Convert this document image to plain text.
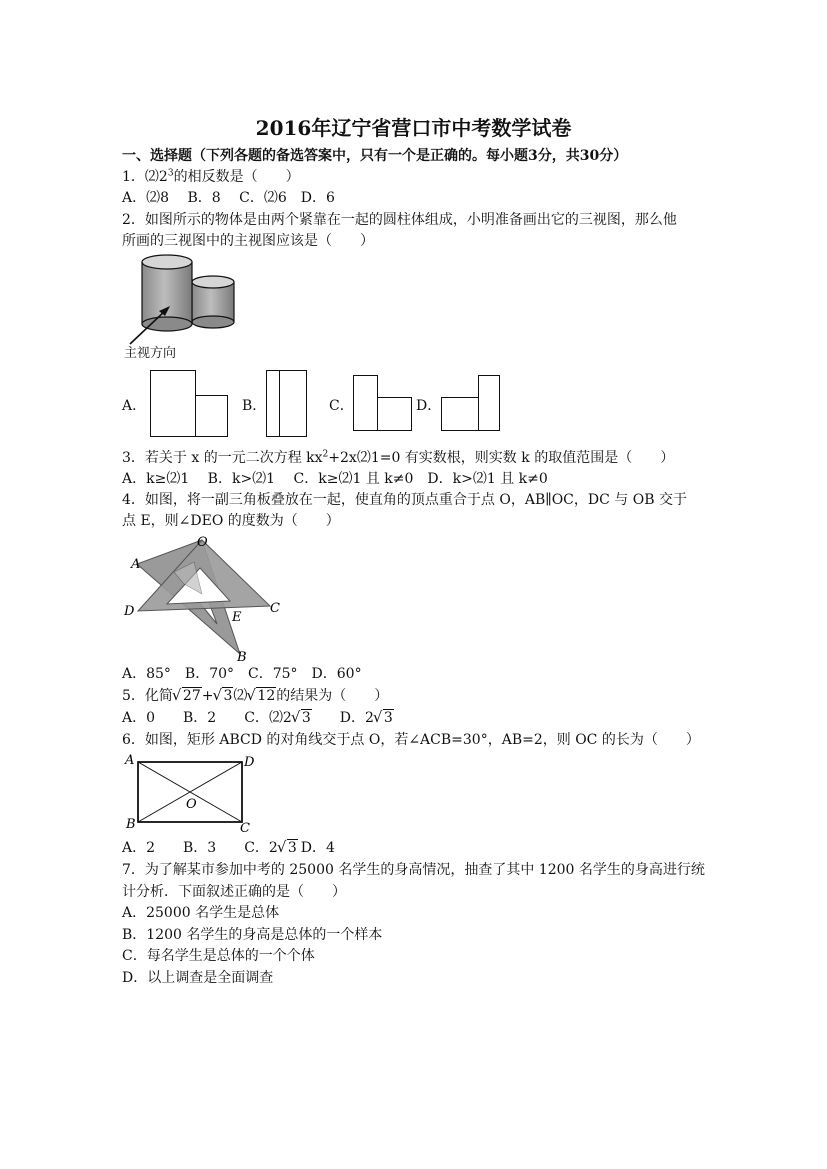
2016年辽宁省营口市中考数学试卷
一、选择题（下列各题的备选答案中，只有一个是正确的。每小题3分，共30分）
1．$⑵2^3$的相反数是（　　）
A．⑵8　 B．8　 C．⑵6　D．6
2．如图所示的物体是由两个紧靠在一起的圆柱体组成，小明准备画出它的三视图，那么他
所画的三视图中的主视图应该是（　　）
主视方向
A．	B．	C．	D．
3．若关于 x 的一元二次方程 $kx^2+2x⑵1=0$ 有实数根，则实数 k 的取值范围是（　　）
A．k≥⑵1　 B．k>⑵1　 C．k≥⑵1 且 k≠0　D．k>⑵1 且 k≠0
4．如图，将一副三角板叠放在一起，使直角的顶点重合于点 O，AB∥OC，DC 与 OB 交于
点 E，则∠DEO 的度数为（　　）
O
A
D	C
E
B
A．85°　B．70°　C．75°　D．60°
5．化简 √ 27+ √ 3⑵ √ 12的结果为（　　）
A．0　　B．2　　C．⑵2 √ 3　　D．2 √ 3
6．如图，矩形 ABCD 的对角线交于点 O，若∠ACB=30°，AB=2，则 OC 的长为（　　）
A	D
O
B	C
A．2　　B．3　　C．2 √ 3 D．4
7．为了解某市参加中考的 25000 名学生的身高情况，抽查了其中 1200 名学生的身高进行统
计分析．下面叙述正确的是（　　）
A．25000 名学生是总体
B．1200 名学生的身高是总体的一个样本
C．每名学生是总体的一个个体
D．以上调查是全面调查
